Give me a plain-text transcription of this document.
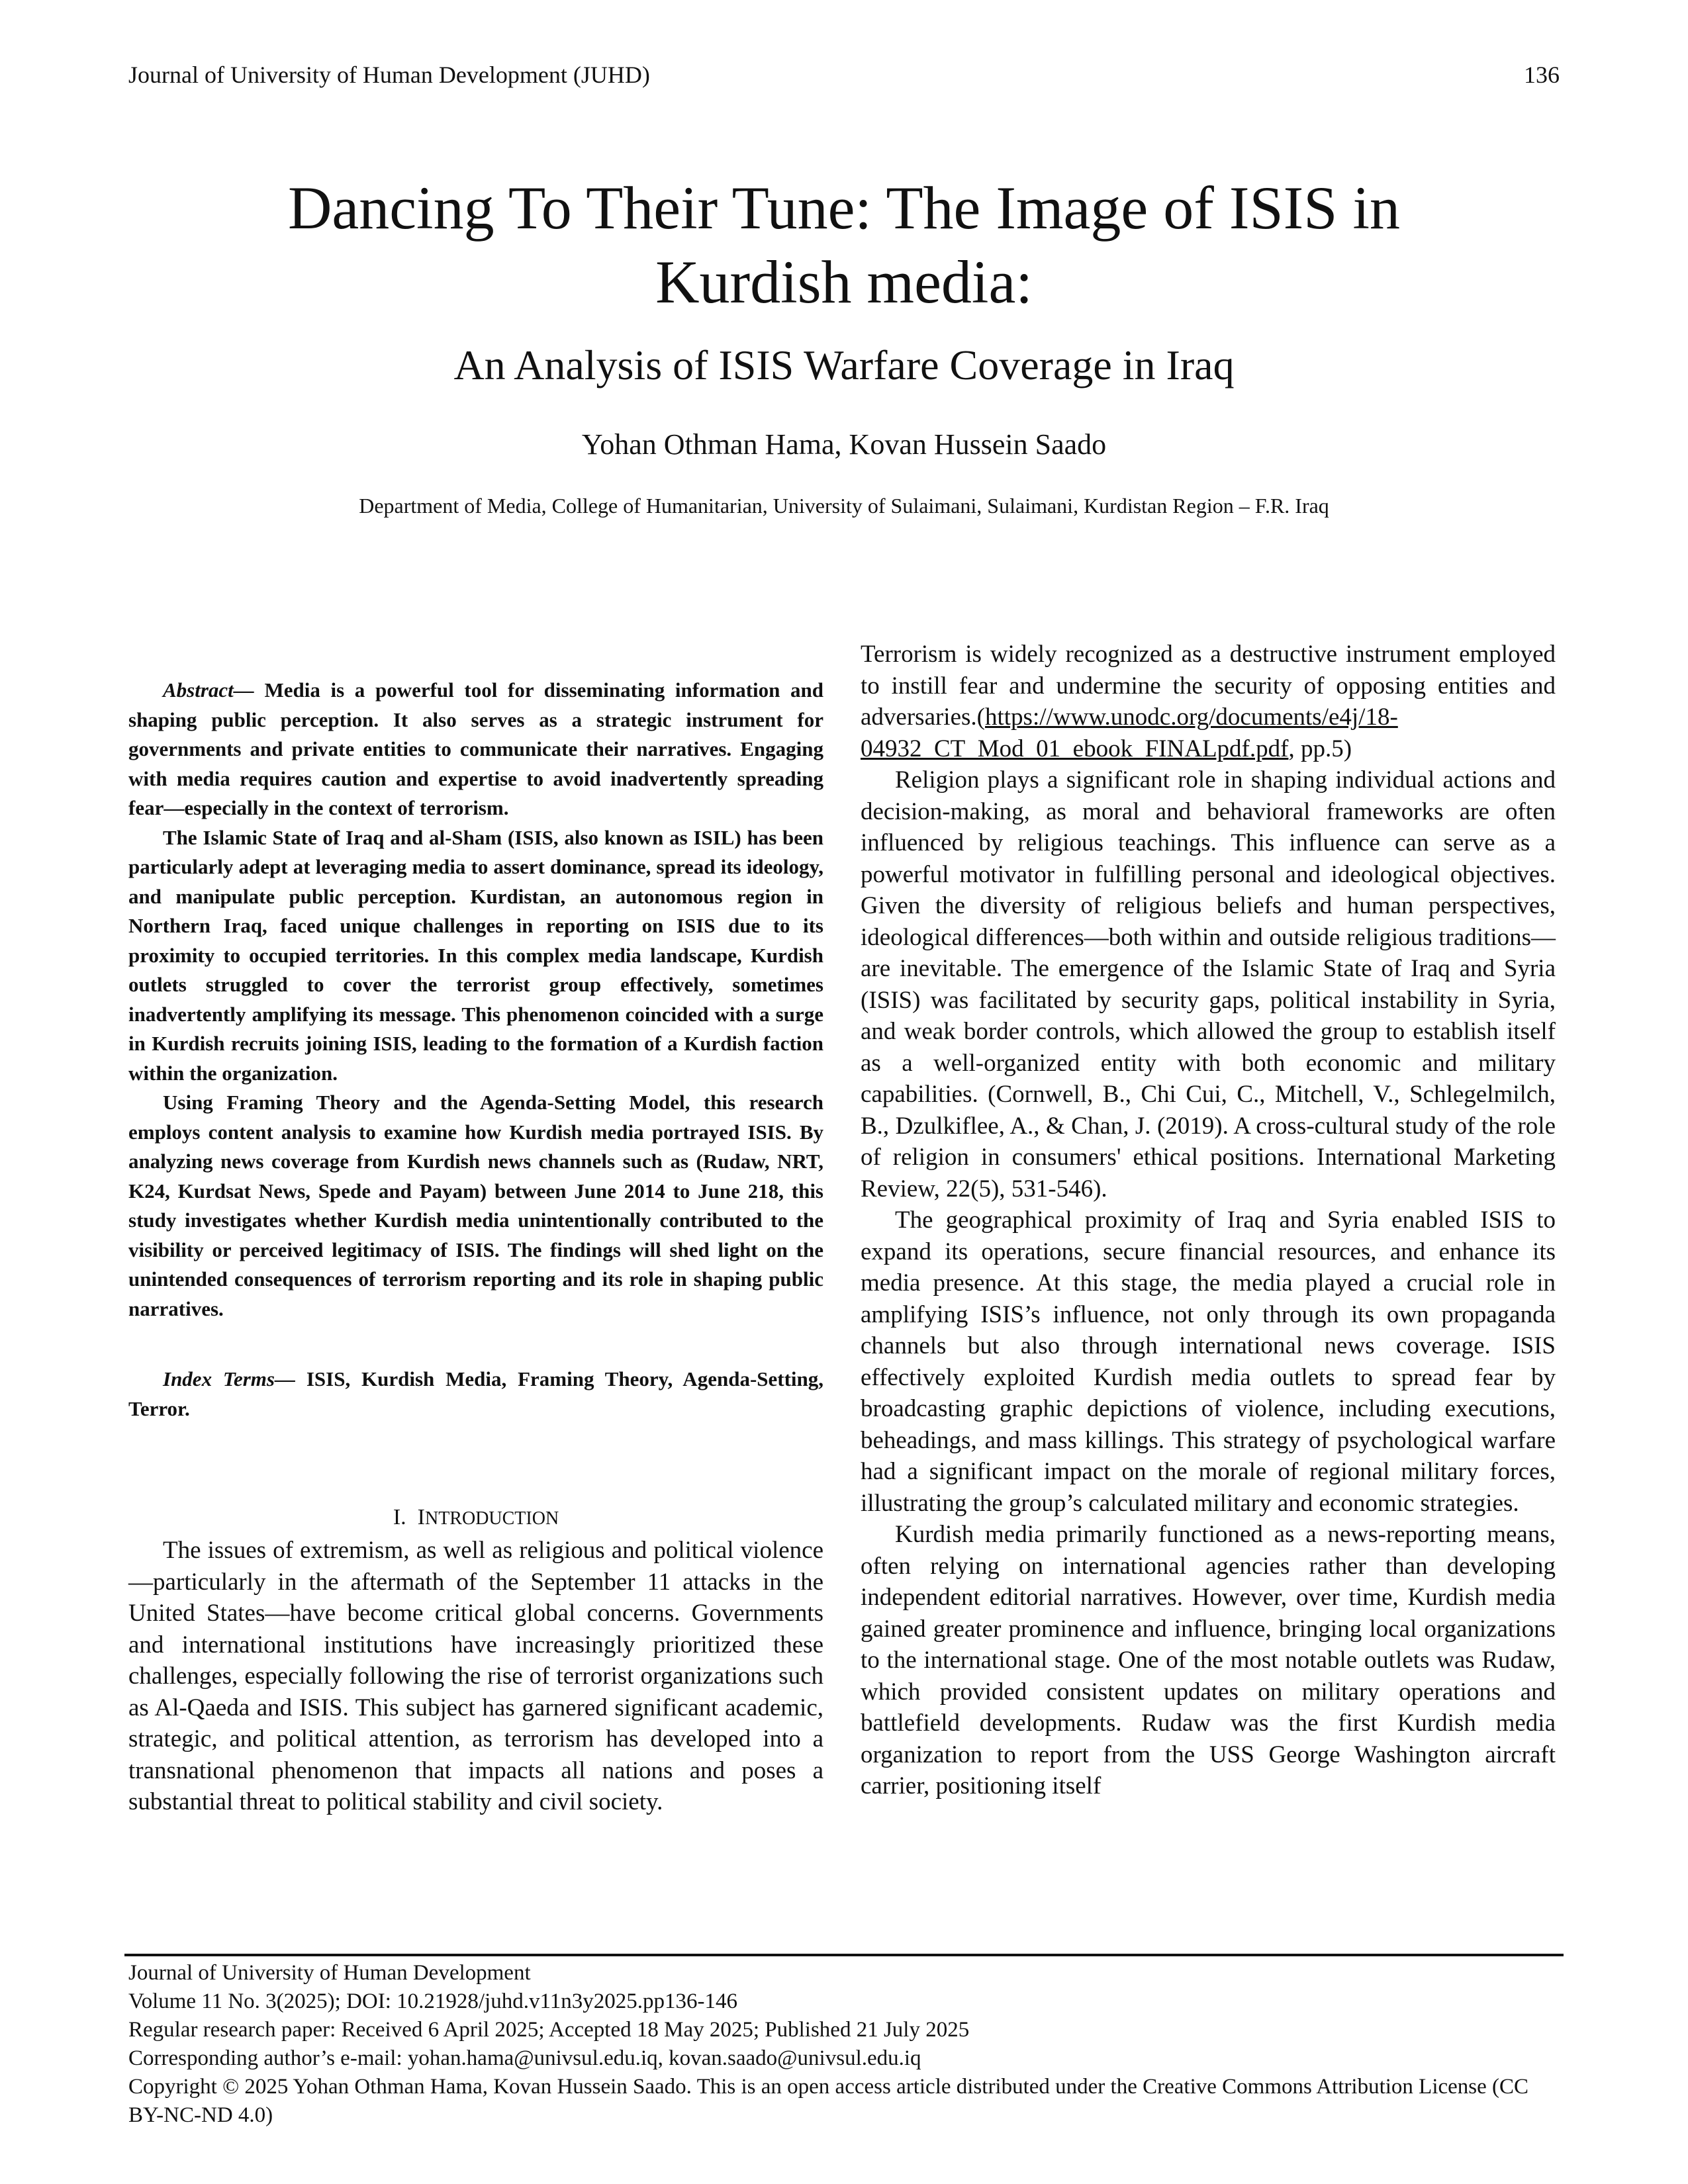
Journal of University of Human Development (JUHD)	136
Dancing To Their Tune: The Image of ISIS in
Kurdish media:
An Analysis of ISIS Warfare Coverage in Iraq
Yohan Othman Hama, Kovan Hussein Saado
Department of Media, College of Humanitarian, University of Sulaimani, Sulaimani, Kurdistan Region – F.R. Iraq

Abstract— Media is a powerful tool for disseminating information and shaping public perception. It also serves as a strategic instrument for governments and private entities to communicate their narratives. Engaging with media requires caution and expertise to avoid inadvertently spreading fear—especially in the context of terrorism.

The Islamic State of Iraq and al-Sham (ISIS, also known as ISIL) has been particularly adept at leveraging media to assert dominance, spread its ideology, and manipulate public perception. Kurdistan, an autonomous region in Northern Iraq, faced unique challenges in reporting on ISIS due to its proximity to occupied territories. In this complex media landscape, Kurdish outlets struggled to cover the terrorist group effectively, sometimes inadvertently amplifying its message. This phenomenon coincided with a surge in Kurdish recruits joining ISIS, leading to the formation of a Kurdish faction within the organization.

Using Framing Theory and the Agenda-Setting Model, this research employs content analysis to examine how Kurdish media portrayed ISIS. By analyzing news coverage from Kurdish news channels such as (Rudaw, NRT, K24, Kurdsat News, Spede and Payam) between June 2014 to June 218, this study investigates whether Kurdish media unintentionally contributed to the visibility or perceived legitimacy of ISIS. The findings will shed light on the unintended consequences of terrorism reporting and its role in shaping public narratives.

Index Terms— ISIS, Kurdish Media, Framing Theory, Agenda-Setting, Terror.

I. INTRODUCTION

The issues of extremism, as well as religious and political violence—particularly in the aftermath of the September 11 attacks in the United States—have become critical global concerns. Governments and international institutions have increasingly prioritized these challenges, especially following the rise of terrorist organizations such as Al-Qaeda and ISIS. This subject has garnered significant academic, strategic, and political attention, as terrorism has developed into a transnational phenomenon that impacts all nations and poses a substantial threat to political stability and civil society.

Terrorism is widely recognized as a destructive instrument employed to instill fear and undermine the security of opposing entities and adversaries.(https://www.unodc.org/documents/e4j/18-04932_CT_Mod_01_ebook_FINALpdf.pdf, pp.5)

Religion plays a significant role in shaping individual actions and decision-making, as moral and behavioral frameworks are often influenced by religious teachings. This influence can serve as a powerful motivator in fulfilling personal and ideological objectives. Given the diversity of religious beliefs and human perspectives, ideological differences—both within and outside religious traditions—are inevitable. The emergence of the Islamic State of Iraq and Syria (ISIS) was facilitated by security gaps, political instability in Syria, and weak border controls, which allowed the group to establish itself as a well-organized entity with both economic and military capabilities. (Cornwell, B., Chi Cui, C., Mitchell, V., Schlegelmilch, B., Dzulkiflee, A., & Chan, J. (2019). A cross-cultural study of the role of religion in consumers' ethical positions. International Marketing Review, 22(5), 531-546).

The geographical proximity of Iraq and Syria enabled ISIS to expand its operations, secure financial resources, and enhance its media presence. At this stage, the media played a crucial role in amplifying ISIS’s influence, not only through its own propaganda channels but also through international news coverage. ISIS effectively exploited Kurdish media outlets to spread fear by broadcasting graphic depictions of violence, including executions, beheadings, and mass killings. This strategy of psychological warfare had a significant impact on the morale of regional military forces, illustrating the group’s calculated military and economic strategies.

Kurdish media primarily functioned as a news-reporting means, often relying on international agencies rather than developing independent editorial narratives. However, over time, Kurdish media gained greater prominence and influence, bringing local organizations to the international stage. One of the most notable outlets was Rudaw, which provided consistent updates on military operations and battlefield developments. Rudaw was the first Kurdish media organization to report from the USS George Washington aircraft carrier, positioning itself

Journal of University of Human Development
Volume 11 No. 3(2025); DOI: 10.21928/juhd.v11n3y2025.pp136-146
Regular research paper: Received 6 April 2025; Accepted 18 May 2025; Published 21 July 2025
Corresponding author’s e-mail: yohan.hama@univsul.edu.iq, kovan.saado@univsul.edu.iq
Copyright © 2025 Yohan Othman Hama, Kovan Hussein Saado. This is an open access article distributed under the Creative Commons Attribution License (CC BY-NC-ND 4.0)
